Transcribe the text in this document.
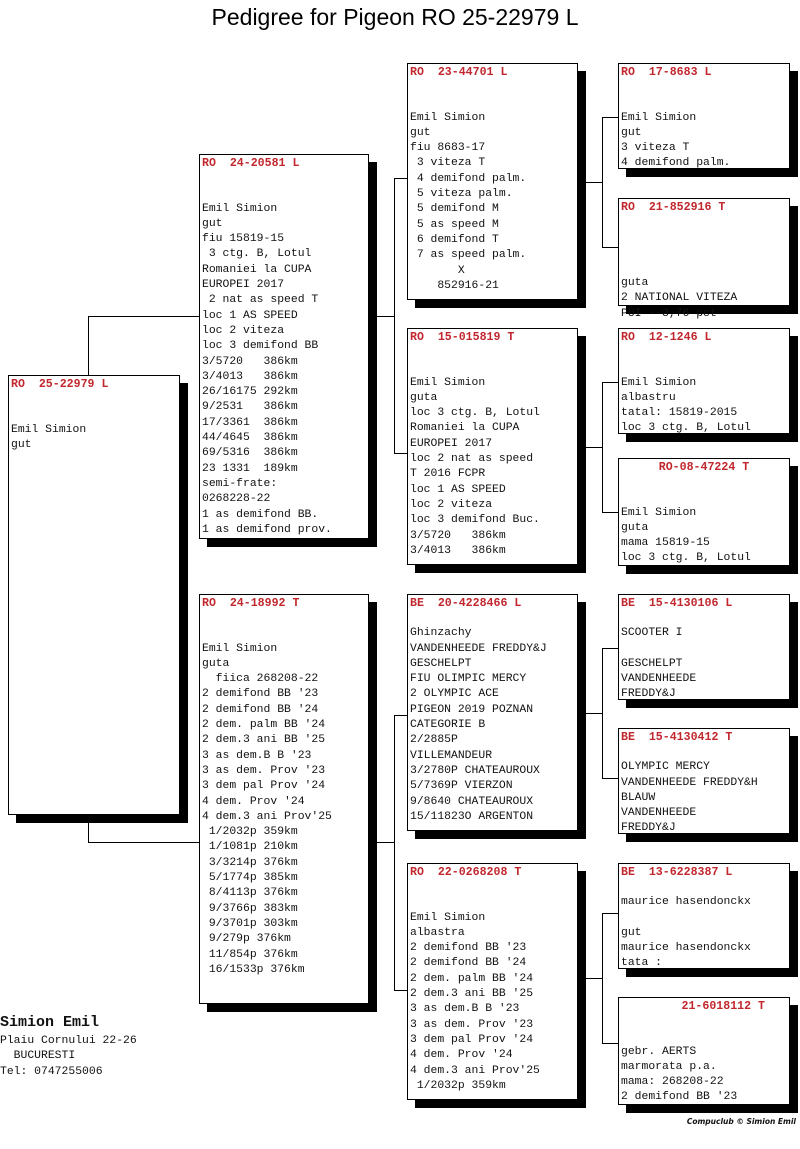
Pedigree for Pigeon RO 25-22979 L
RO  25-22979 L
Emil Simion
gut
RO  24-20581 L
Emil Simion
gut
fiu 15819-15
3 ctg. B, Lotul
Romaniei la CUPA
EUROPEI 2017
2 nat as speed T
loc 1 AS SPEED
loc 2 viteza
loc 3 demifond BB
3/5720   386km
3/4013   386km
26/16175 292km
9/2531   386km
17/3361  386km
44/4645  386km
69/5316  386km
23 1331  189km
semi-frate:
0268228-22
1 as demifond BB.
1 as demifond prov.
RO  24-18992 T
Emil Simion
guta
fiica 268208-22
2 demifond BB '23
2 demifond BB '24
2 dem. palm BB '24
2 dem.3 ani BB '25
3 as dem.B B '23
3 as dem. Prov '23
3 dem pal Prov '24
4 dem. Prov '24
4 dem.3 ani Prov'25
1/2032p 359km
1/1081p 210km
3/3214p 376km
5/1774p 385km
8/4113p 376km
9/3766p 383km
9/3701p 303km
9/279p 376km
11/854p 376km
16/1533p 376km
RO  23-44701 L
Emil Simion
gut
fiu 8683-17
3 viteza T
4 demifond palm.
5 viteza palm.
5 demifond M
5 as speed M
6 demifond T
7 as speed palm.
X
852916-21
RO  15-015819 T
Emil Simion
guta
loc 3 ctg. B, Lotul
Romaniei la CUPA
EUROPEI 2017
loc 2 nat as speed
T 2016 FCPR
loc 1 AS SPEED
loc 2 viteza
loc 3 demifond Buc.
3/5720   386km
3/4013   386km
BE  20-4228466 L
Ghinzachy
VANDENHEEDE FREDDY&J
GESCHELPT
FIU OLIMPIC MERCY
2 OLYMPIC ACE
PIGEON 2019 POZNAN
CATEGORIE B
2/2885P
VILLEMANDEUR
3/2780P CHATEAUROUX
5/7369P VIERZON
9/8640 CHATEAUROUX
15/11823O ARGENTON
RO  22-0268208 T
Emil Simion
albastra
2 demifond BB '23
2 demifond BB '24
2 dem. palm BB '24
2 dem.3 ani BB '25
3 as dem.B B '23
3 as dem. Prov '23
3 dem pal Prov '24
4 dem. Prov '24
4 dem.3 ani Prov'25
1/2032p 359km
RO  17-8683 L
Emil Simion
gut
3 viteza T
4 demifond palm.
RO  21-852916 T
guta
2 NATIONAL VITEZA
PUI - 3,76 pct
RO  12-1246 L
Emil Simion
albastru
tatal: 15819-2015
loc 3 ctg. B, Lotul
RO-08-47224 T
Emil Simion
guta
mama 15819-15
loc 3 ctg. B, Lotul
BE  15-4130106 L
SCOOTER I
GESCHELPT
VANDENHEEDE
FREDDY&J
BE  15-4130412 T
OLYMPIC MERCY
VANDENHEEDE FREDDY&H
BLAUW
VANDENHEEDE
FREDDY&J
BE  13-6228387 L
maurice hasendonckx
gut
maurice hasendonckx
tata :
21-6018112 T
gebr. AERTS
marmorata p.a.
mama: 268208-22
2 demifond BB '23
Simion Emil
Plaiu Cornului 22-26
BUCURESTI
Tel: 0747255006
Compuclub © Simion Emil
